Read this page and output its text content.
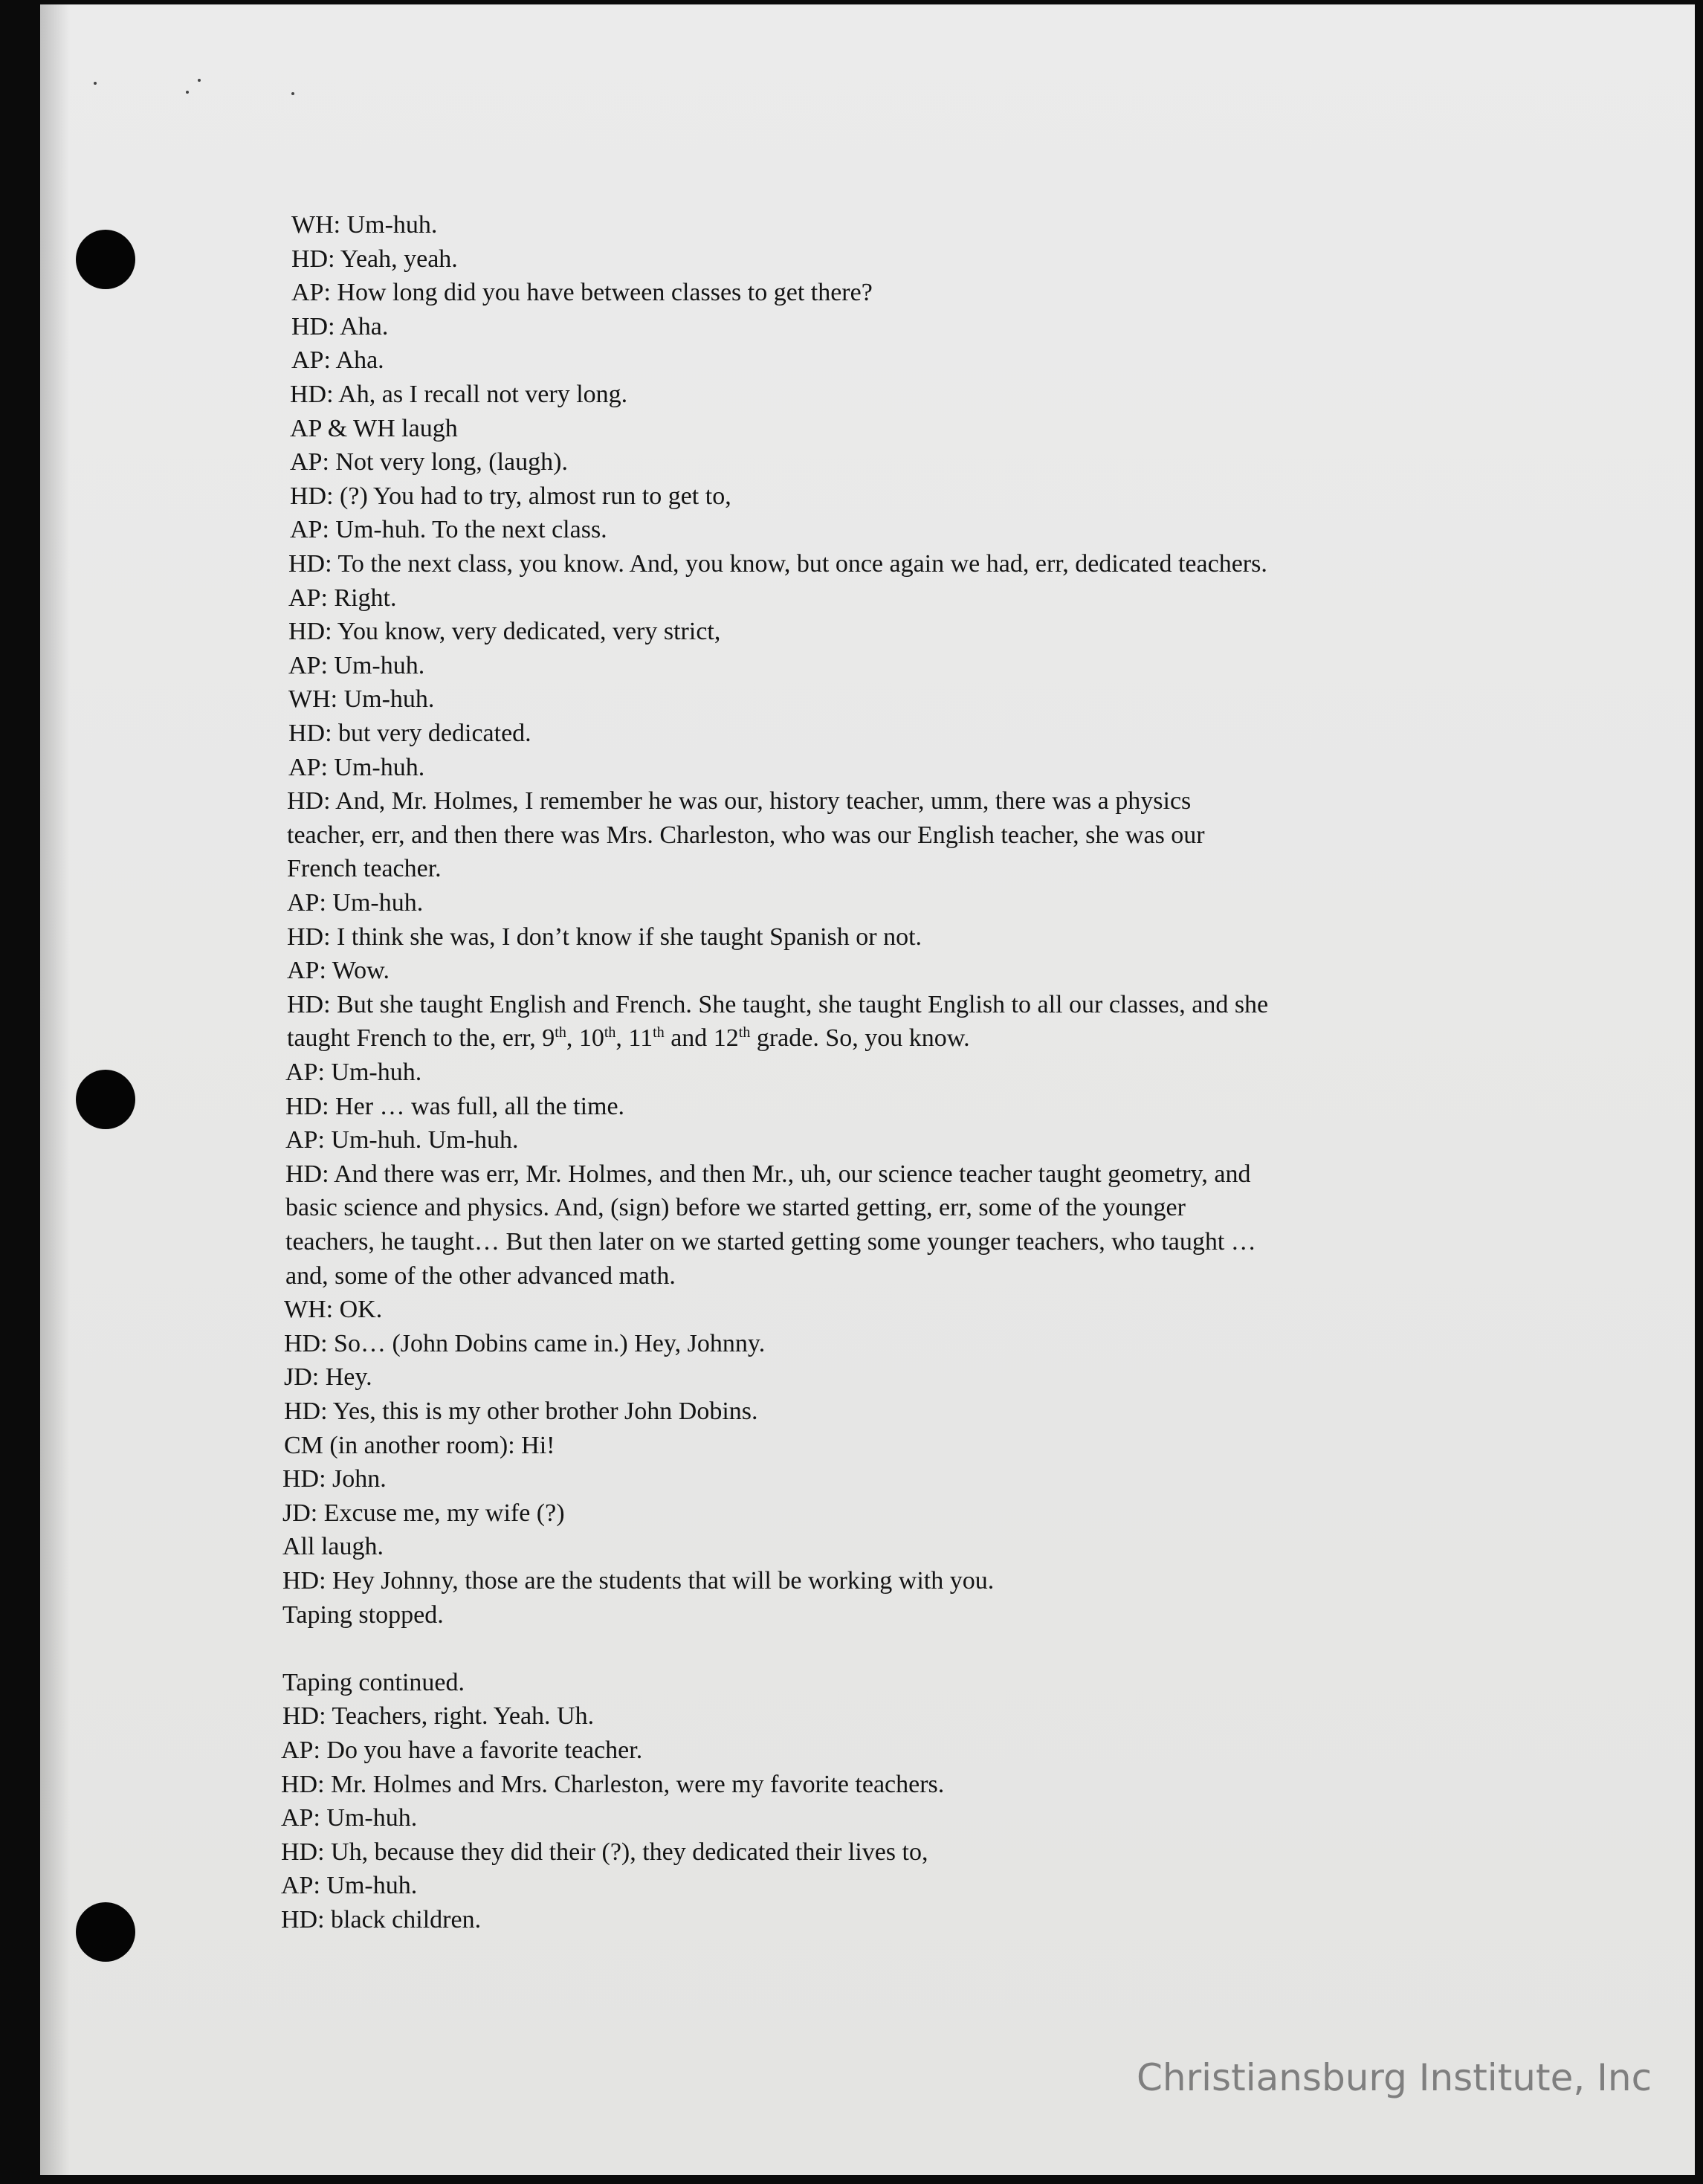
WH: Um-huh.
HD: Yeah, yeah.
AP: How long did you have between classes to get there?
HD: Aha.
AP: Aha.
HD: Ah, as I recall not very long.
AP & WH laugh
AP: Not very long, (laugh).
HD: (?) You had to try, almost run to get to,
AP: Um-huh. To the next class.
HD: To the next class, you know. And, you know, but once again we had, err, dedicated teachers.
AP: Right.
HD: You know, very dedicated, very strict,
AP: Um-huh.
WH: Um-huh.
HD: but very dedicated.
AP: Um-huh.
HD: And, Mr. Holmes, I remember he was our, history teacher, umm, there was a physics
teacher, err, and then there was Mrs. Charleston, who was our English teacher, she was our
French teacher.
AP: Um-huh.
HD: I think she was, I don’t know if she taught Spanish or not.
AP: Wow.
HD: But she taught English and French. She taught, she taught English to all our classes, and she
taught French to the, err, 9th, 10th, 11th and 12th grade. So, you know.
AP: Um-huh.
HD: Her … was full, all the time.
AP: Um-huh. Um-huh.
HD: And there was err, Mr. Holmes, and then Mr., uh, our science teacher taught geometry, and
basic science and physics. And, (sign) before we started getting, err, some of the younger
teachers, he taught… But then later on we started getting some younger teachers, who taught …
and, some of the other advanced math.
WH: OK.
HD: So… (John Dobins came in.) Hey, Johnny.
JD: Hey.
HD: Yes, this is my other brother John Dobins.
CM (in another room): Hi!
HD: John.
JD: Excuse me, my wife (?)
All laugh.
HD: Hey Johnny, those are the students that will be working with you.
Taping stopped.
Taping continued.
HD: Teachers, right. Yeah. Uh.
AP: Do you have a favorite teacher.
HD: Mr. Holmes and Mrs. Charleston, were my favorite teachers.
AP: Um-huh.
HD: Uh, because they did their (?), they dedicated their lives to,
AP: Um-huh.
HD: black children.
Christiansburg Institute, Inc
